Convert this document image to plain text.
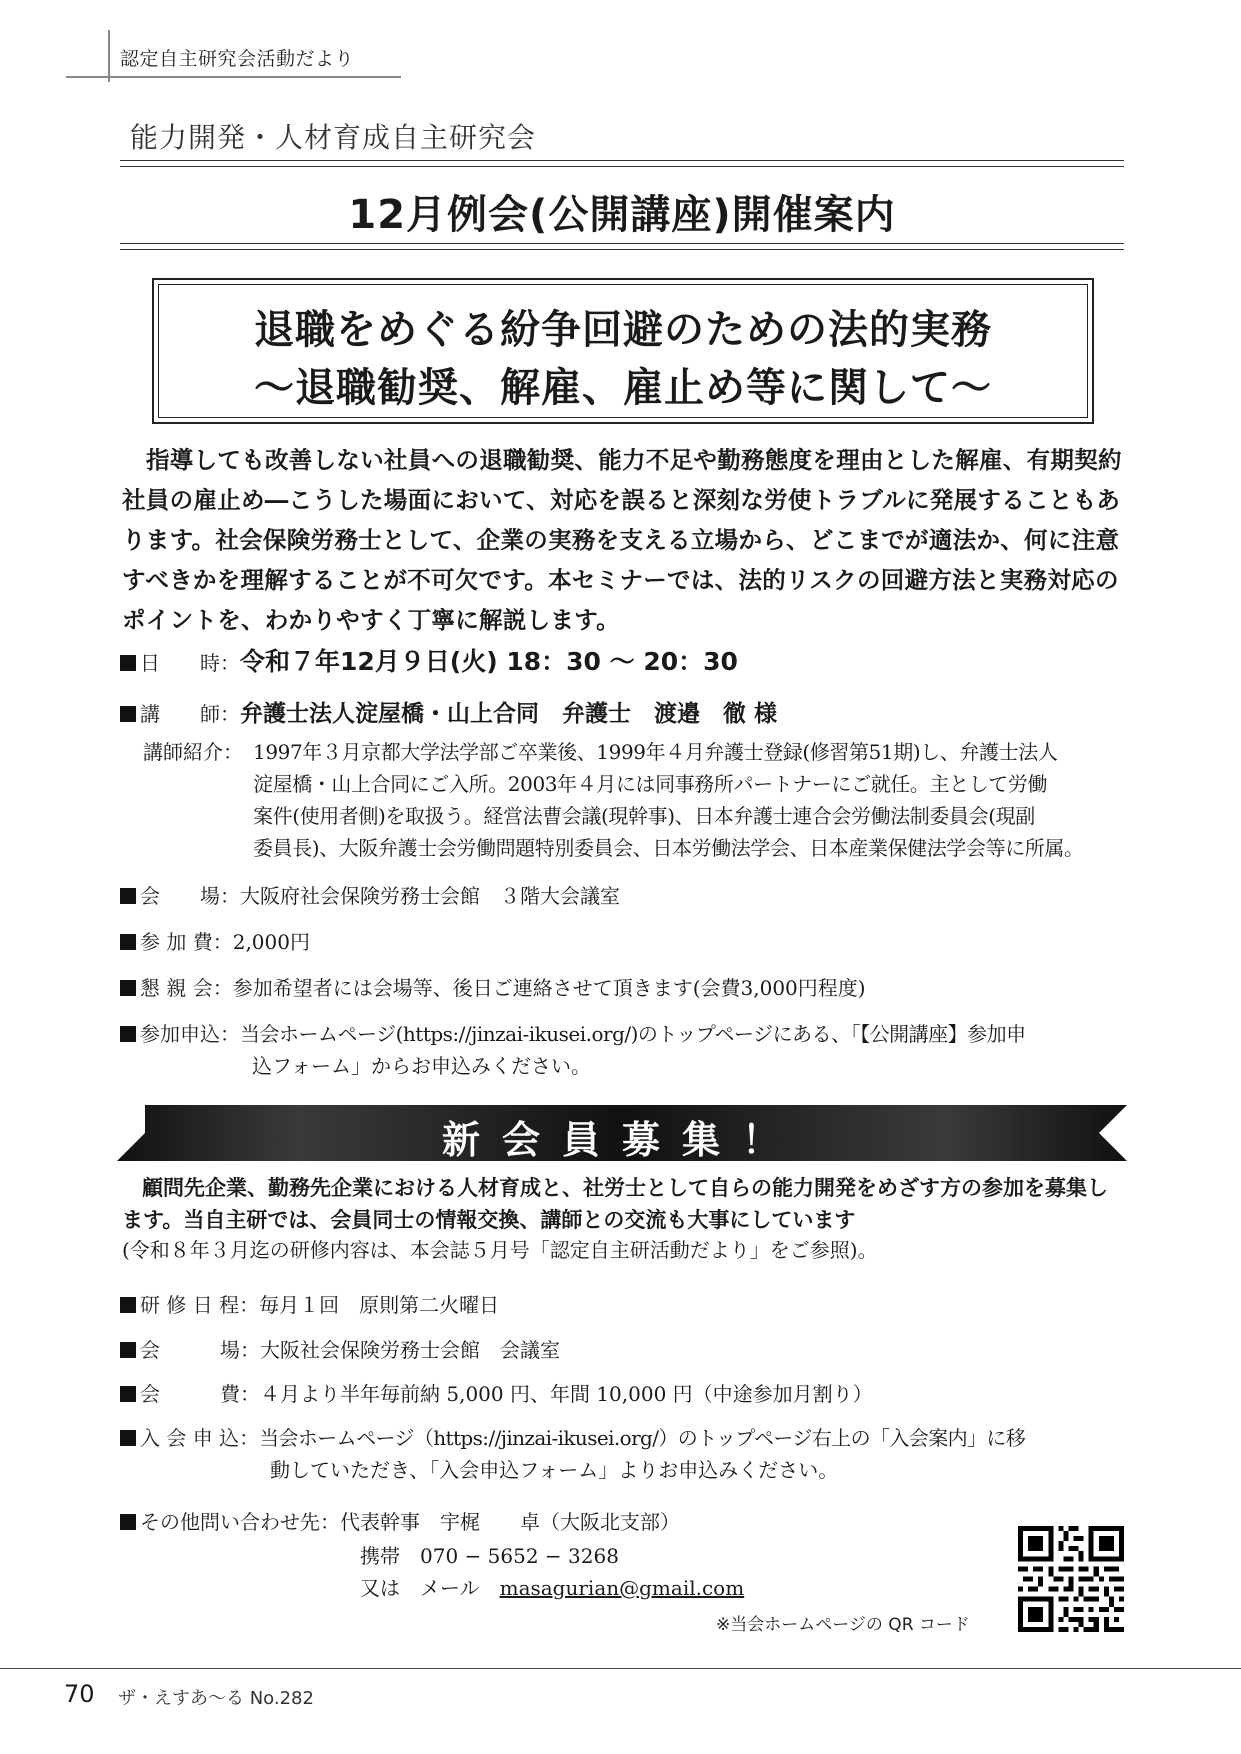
認定自主研究会活動だより
能力開発・人材育成自主研究会
12月例会(公開講座)開催案内
退職をめぐる紛争回避のための法的実務
〜退職勧奨、解雇、雇止め等に関して〜
指導しても改善しない社員への退職勧奨、能力不足や勤務態度を理由とした解雇、有期契約社員の雇止め―こうした場面において、対応を誤ると深刻な労使トラブルに発展することもあります。社会保険労務士として、企業の実務を支える立場から、どこまでが適法か、何に注意すべきかを理解することが不可欠です。本セミナーでは、法的リスクの回避方法と実務対応のポイントを、わかりやすく丁寧に解説します。
日　　時：令和７年12月９日(火) 18：30 〜 20：30
講　　師：弁護士法人淀屋橋・山上合同　弁護士　渡邉　徹 様
講師紹介： 1997年３月京都大学法学部ご卒業後、1999年４月弁護士登録(修習第51期)し、弁護士法人
淀屋橋・山上合同にご入所。2003年４月には同事務所パートナーにご就任。主として労働
案件(使用者側)を取扱う。経営法曹会議(現幹事)、日本弁護士連合会労働法制委員会(現副
委員長)、大阪弁護士会労働問題特別委員会、日本労働法学会、日本産業保健法学会等に所属。
会　　場：大阪府社会保険労務士会館　３階大会議室
参 加 費：2,000円
懇 親 会：参加希望者には会場等、後日ご連絡させて頂きます(会費3,000円程度)
参加申込：当会ホームページ(https://jinzai-ikusei.org/)のトップページにある、「【公開講座】参加申
込フォーム」からお申込みください。
新会員募集！
顧問先企業、勤務先企業における人材育成と、社労士として自らの能力開発をめざす方の参加を募集します。当自主研では、会員同士の情報交換、講師との交流も大事にしています
(令和８年３月迄の研修内容は、本会誌５月号「認定自主研活動だより」をご参照)。
研 修 日 程：毎月１回　原則第二火曜日
会　　　場：大阪社会保険労務士会館　会議室
会　　　費：４月より半年毎前納 5,000 円、年間 10,000 円（中途参加月割り）
入 会 申 込：当会ホームページ（https://jinzai-ikusei.org/）のトップページ右上の「入会案内」に移
動していただき、「入会申込フォーム」よりお申込みください。
その他問い合わせ先：代表幹事　宇梶　　卓（大阪北支部）
携帯　070 − 5652 − 3268
又は　メール　 masagurian@gmail.com
※当会ホームページの QR コード
70 ザ・えすあ〜る No.282
